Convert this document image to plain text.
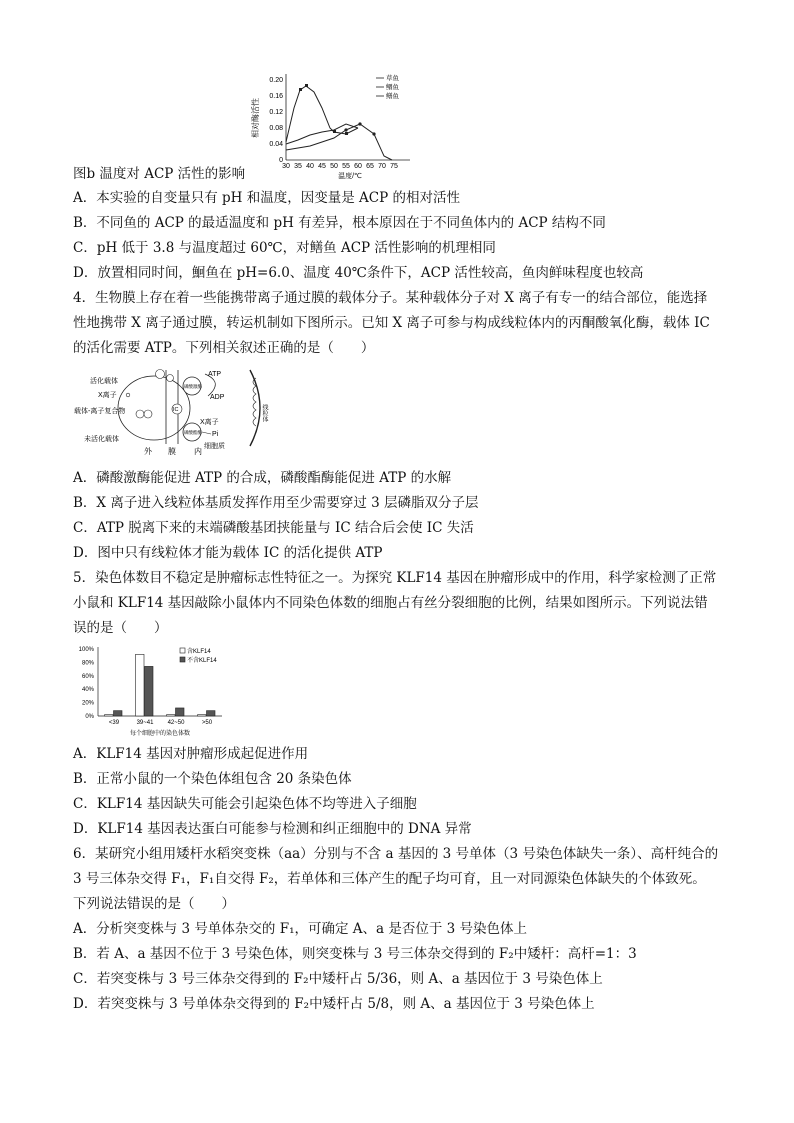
相对酶活性
0.20
0.16
0.12
0.08
0.04
0
30 35 40 45 50 55 60 65 70 75
温度/℃
草鱼
鲴鱼
鳝鱼
图b 温度对 ACP 活性的影响
A．本实验的自变量只有 pH 和温度，因变量是 ACP 的相对活性
B．不同鱼的 ACP 的最适温度和 pH 有差异，根本原因在于不同鱼体内的 ACP 结构不同
C．pH 低于 3.8 与温度超过 60℃，对鳝鱼 ACP 活性影响的机理相同
D．放置相同时间，鮰鱼在 pH=6.0、温度 40℃条件下，ACP 活性较高，鱼肉鲜味程度也较高
4．生物膜上存在着一些能携带离子通过膜的载体分子。某种载体分子对 X 离子有专一的结合部位，能选择
性地携带 X 离子通过膜，转运机制如下图所示。已知 X 离子可参与构成线粒体内的丙酮酸氧化酶，载体 IC
的活化需要 ATP。下列相关叙述正确的是（　　）
活化载体
X离子
载体-离子复合物
未活化载体
外 膜 内
IC
磷酸激酶
磷酸酯酶
ATP
ADP
X离子
Pi
细胞质
线粒体
A．磷酸激酶能促进 ATP 的合成，磷酸酯酶能促进 ATP 的水解
B．X 离子进入线粒体基质发挥作用至少需要穿过 3 层磷脂双分子层
C．ATP 脱离下来的末端磷酸基团挟能量与 IC 结合后会使 IC 失活
D．图中只有线粒体才能为载体 IC 的活化提供 ATP
5．染色体数目不稳定是肿瘤标志性特征之一。为探究 KLF14 基因在肿瘤形成中的作用，科学家检测了正常
小鼠和 KLF14 基因敲除小鼠体内不同染色体数的细胞占有丝分裂细胞的比例，结果如图所示。下列说法错
误的是（　　）
100%
80%
60%
40%
20%
0%
<39	39~41 42~50	>50
每个细胞中的染色体数
含KLF14
不含KLF14
A．KLF14 基因对肿瘤形成起促进作用
B．正常小鼠的一个染色体组包含 20 条染色体
C．KLF14 基因缺失可能会引起染色体不均等进入子细胞
D．KLF14 基因表达蛋白可能参与检测和纠正细胞中的 DNA 异常
6．某研究小组用矮杆水稻突变株（aa）分别与不含 a 基因的 3 号单体（3 号染色体缺失一条）、高杆纯合的
3 号三体杂交得 F₁，F₁自交得 F₂，若单体和三体产生的配子均可育，且一对同源染色体缺失的个体致死。
下列说法错误的是（　　）
A．分析突变株与 3 号单体杂交的 F₁，可确定 A、a 是否位于 3 号染色体上
B．若 A、a 基因不位于 3 号染色体，则突变株与 3 号三体杂交得到的 F₂中矮杆：高杆=1：3
C．若突变株与 3 号三体杂交得到的 F₂中矮杆占 5/36，则 A、a 基因位于 3 号染色体上
D．若突变株与 3 号单体杂交得到的 F₂中矮杆占 5/8，则 A、a 基因位于 3 号染色体上
